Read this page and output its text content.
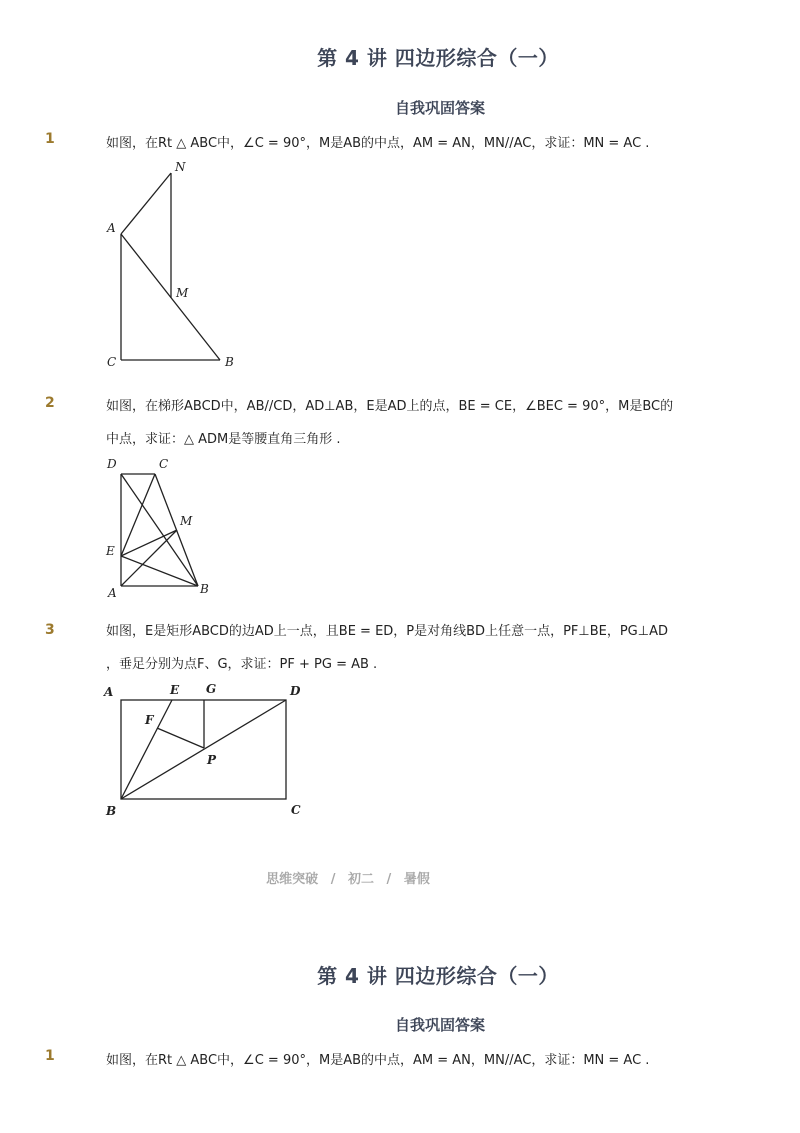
第 4 讲 四边形综合（一）
自我巩固答案
1	如图，在Rt △ ABC中，∠C = 90°，M是AB的中点，AM = AN，MN//AC，求证：MN = AC .
N
A
M
C	B
2	如图，在梯形ABCD中，AB//CD，AD⊥AB，E是AD上的点，BE = CE，∠BEC = 90°，M是BC的
中点，求证：△ ADM是等腰直角三角形 .
D	C
M
E
A	B
3	如图，E是矩形ABCD的边AD上一点，且BE = ED，P是对角线BD上任意一点，PF⊥BE，PG⊥AD
，垂足分别为点F、G，求证：PF + PG = AB .
A	E G	D
F
P
B	C
思维突破 / 初二 / 暑假
第 4 讲 四边形综合（一）
自我巩固答案
1	如图，在Rt △ ABC中，∠C = 90°，M是AB的中点，AM = AN，MN//AC，求证：MN = AC .
